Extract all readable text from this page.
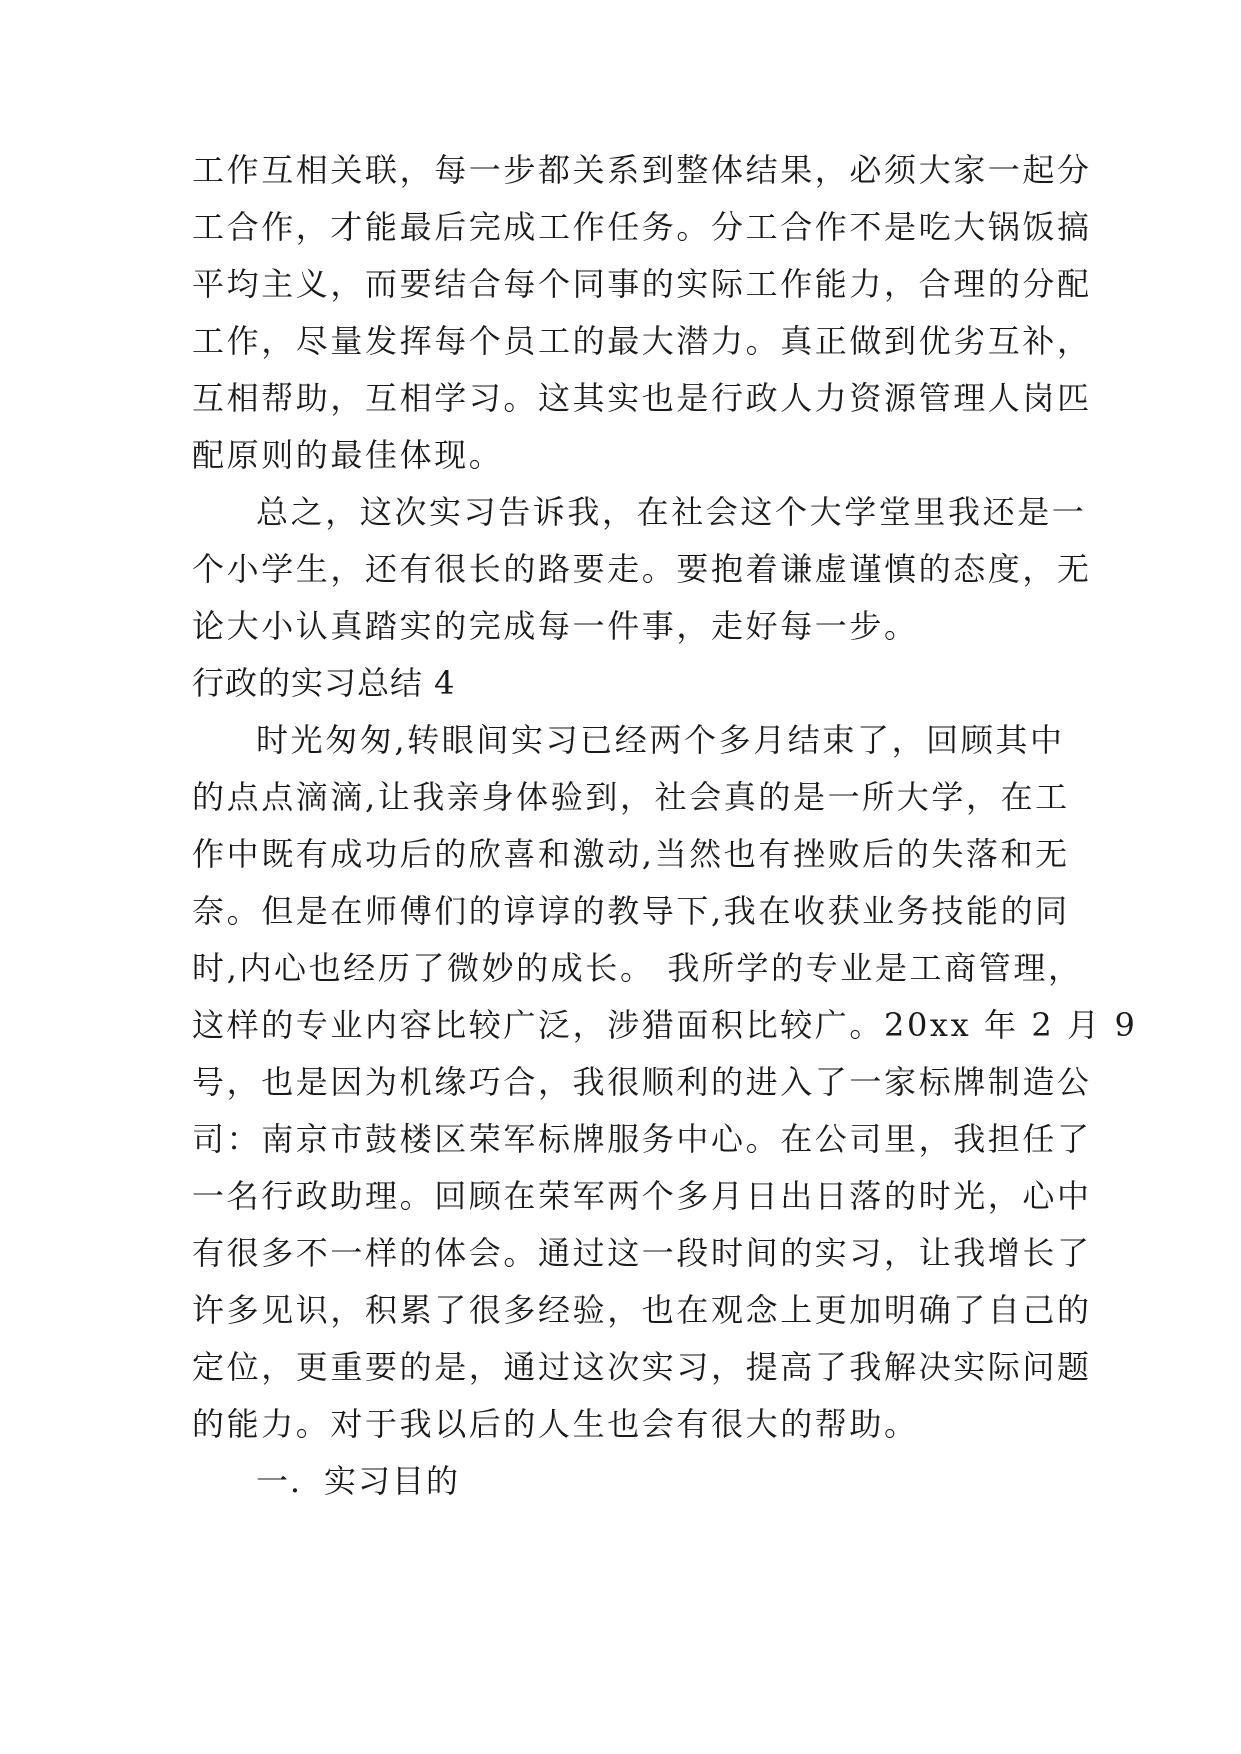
工作互相关联，每一步都关系到整体结果，必须大家一起分
工合作，才能最后完成工作任务。分工合作不是吃大锅饭搞
平均主义，而要结合每个同事的实际工作能力，合理的分配
工作，尽量发挥每个员工的最大潜力。真正做到优劣互补，
互相帮助，互相学习。这其实也是行政人力资源管理人岗匹
配原则的最佳体现。
总之，这次实习告诉我，在社会这个大学堂里我还是一
个小学生，还有很长的路要走。要抱着谦虚谨慎的态度，无
论大小认真踏实的完成每一件事，走好每一步。
行政的实习总结 4
时光匆匆,转眼间实习已经两个多月结束了，回顾其中
的点点滴滴,让我亲身体验到，社会真的是一所大学，在工
作中既有成功后的欣喜和激动,当然也有挫败后的失落和无
奈。但是在师傅们的谆谆的教导下,我在收获业务技能的同
时,内心也经历了微妙的成长。 我所学的专业是工商管理，
这样的专业内容比较广泛，涉猎面积比较广。20xx 年 2 月 9
号，也是因为机缘巧合，我很顺利的进入了一家标牌制造公
司：南京市鼓楼区荣军标牌服务中心。在公司里，我担任了
一名行政助理。回顾在荣军两个多月日出日落的时光，心中
有很多不一样的体会。通过这一段时间的实习，让我增长了
许多见识，积累了很多经验，也在观念上更加明确了自己的
定位，更重要的是，通过这次实习，提高了我解决实际问题
的能力。对于我以后的人生也会有很大的帮助。
一．实习目的
